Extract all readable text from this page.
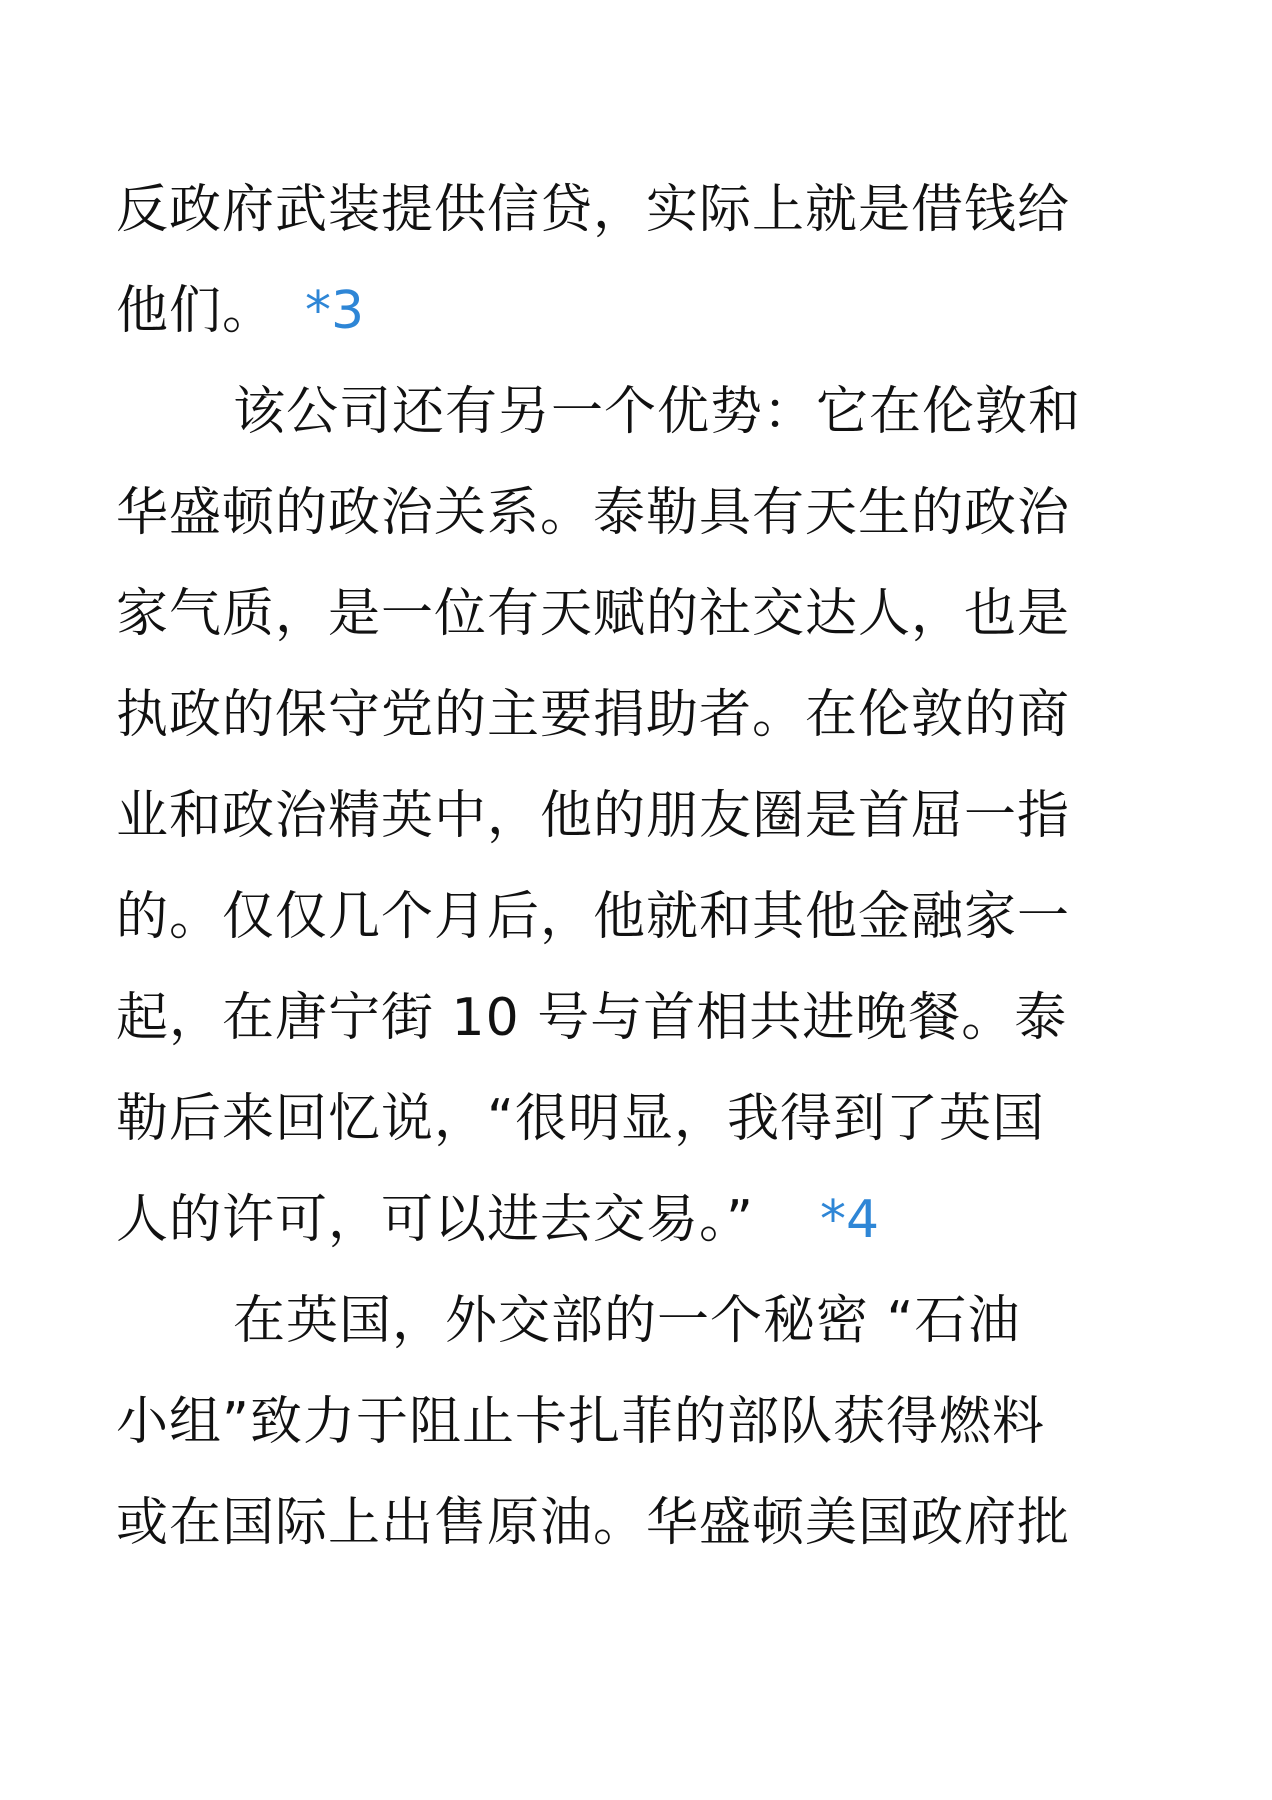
反政府武装提供信贷，实际上就是借钱给
他们。 *3
该公司还有另一个优势：它在伦敦和
华盛顿的政治关系。泰勒具有天生的政治
家气质，是一位有天赋的社交达人，也是
执政的保守党的主要捐助者。在伦敦的商
业和政治精英中，他的朋友圈是首屈一指
的。仅仅几个月后，他就和其他金融家一
起，在唐宁街 10 号与首相共进晚餐。泰
勒后来回忆说，“很明显，我得到了英国
人的许可，可以进去交易。” *4
在英国，外交部的一个秘密 “石油
小组”致力于阻止卡扎菲的部队获得燃料
或在国际上出售原油。华盛顿美国政府批
